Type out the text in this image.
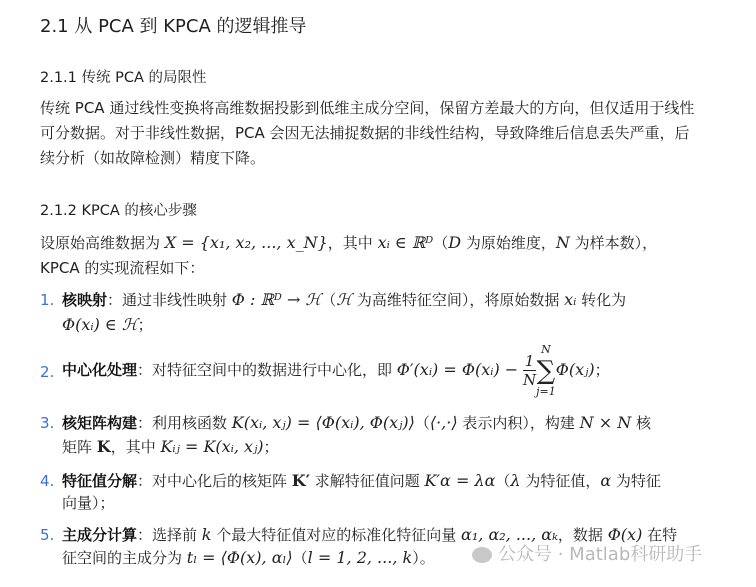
2.1 从 PCA 到 KPCA 的逻辑推导
2.1.1 传统 PCA 的局限性
传统 PCA 通过线性变换将高维数据投影到低维主成分空间，保留方差最大的方向，但仅适用于线性
可分数据。对于非线性数据，PCA 会因无法捕捉数据的非线性结构，导致降维后信息丢失严重，后
续分析（如故障检测）精度下降。
2.1.2 KPCA 的核心步骤
设原始高维数据为 X = {x₁, x₂, ..., x_N}，其中 xᵢ ∈ ℝᴰ（D 为原始维度，N 为样本数），
KPCA 的实现流程如下：
1. 核映射：通过非线性映射 Φ : ℝᴰ → ℋ（ℋ 为高维特征空间），将原始数据 xᵢ 转化为
Φ(xᵢ) ∈ ℋ；
2. 中心化处理：对特征空间中的数据进行中心化，即 Φ′(xᵢ) = Φ(xᵢ) − $\frac{1}{N}$
N
∑
j=1
Φ(xⱼ)；
3. 核矩阵构建：利用核函数 K(xᵢ, xⱼ) = ⟨Φ(xᵢ), Φ(xⱼ)⟩（⟨·,·⟩ 表示内积），构建 N × N 核
矩阵 K，其中 Kᵢⱼ = K(xᵢ, xⱼ)；
4. 特征值分解：对中心化后的核矩阵 K′ 求解特征值问题 K′α = λα（λ 为特征值，α 为特征
向量）；
5. 主成分计算：选择前 k 个最大特征值对应的标准化特征向量 α₁, α₂, ..., αₖ，数据 Φ(x) 在特
征空间的主成分为 tₗ = ⟨Φ(x), αₗ⟩（l = 1, 2, ..., k）。	公众号 · Matlab科研助手
